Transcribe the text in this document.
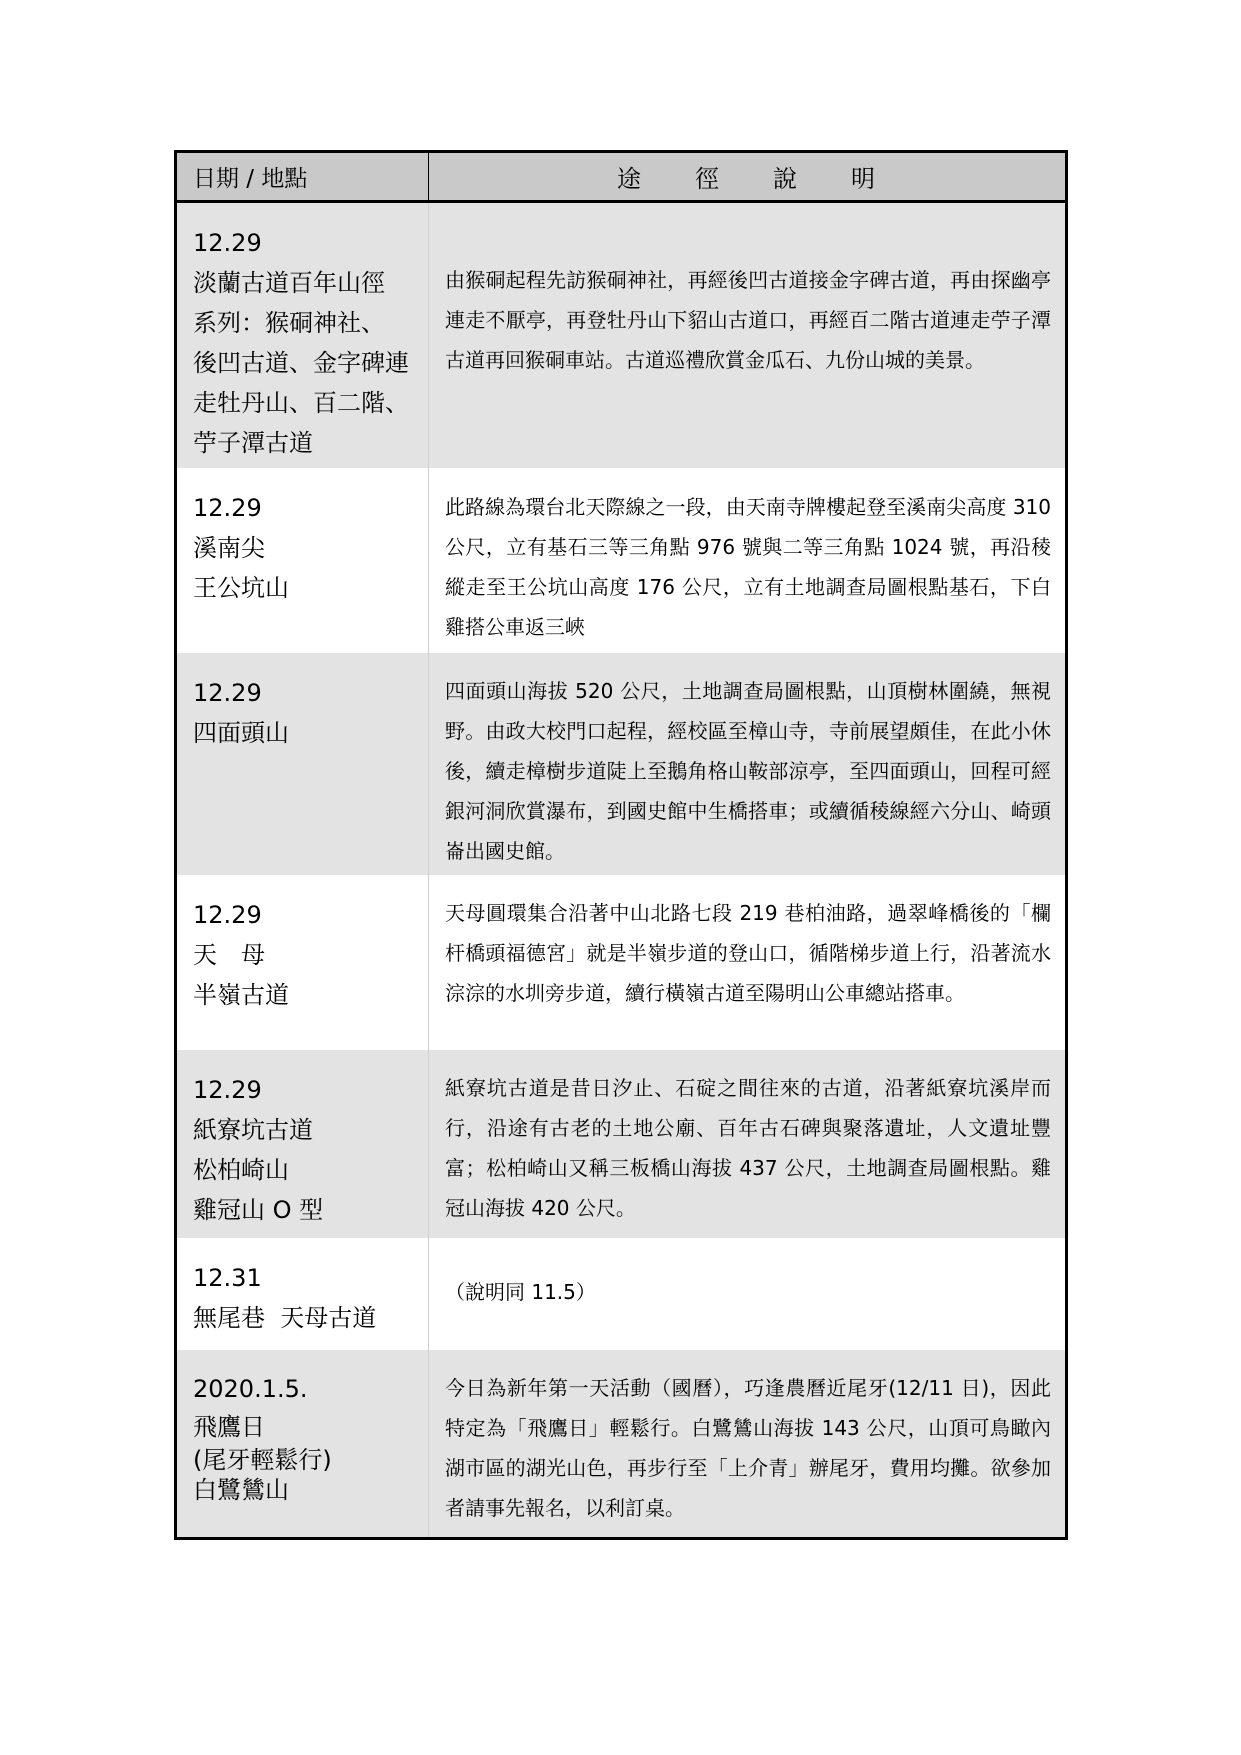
日期 / 地點	途 徑 說 明
12.29
淡蘭古道百年山徑
系列：猴硐神社、
後凹古道、金字碑連
走牡丹山、百二階、
苧子潭古道
由猴硐起程先訪猴硐神社，再經後凹古道接金字碑古道，再由探幽亭連走不厭亭，再登牡丹山下貂山古道口，再經百二階古道連走苧子潭古道再回猴硐車站。古道巡禮欣賞金瓜石、九份山城的美景。
12.29
溪南尖
王公坑山
此路線為環台北天際線之一段，由天南寺牌樓起登至溪南尖高度 310 公尺，立有基石三等三角點 976 號與二等三角點 1024 號，再沿稜縱走至王公坑山高度 176 公尺，立有土地調查局圖根點基石，下白雞搭公車返三峽
12.29
四面頭山
四面頭山海拔 520 公尺，土地調查局圖根點，山頂樹林圍繞，無視野。由政大校門口起程，經校區至樟山寺，寺前展望頗佳，在此小休後，續走樟樹步道陡上至鵝角格山鞍部涼亭，至四面頭山，回程可經銀河洞欣賞瀑布，到國史館中生橋搭車；或續循稜線經六分山、崎頭崙出國史館。
12.29
天　母
半嶺古道
天母圓環集合沿著中山北路七段 219 巷柏油路，過翠峰橋後的「欄杆橋頭福德宮」就是半嶺步道的登山口，循階梯步道上行，沿著流水淙淙的水圳旁步道，續行橫嶺古道至陽明山公車總站搭車。
12.29
紙寮坑古道
松柏崎山
雞冠山 O 型
紙寮坑古道是昔日汐止、石碇之間往來的古道，沿著紙寮坑溪岸而行，沿途有古老的土地公廟、百年古石碑與聚落遺址，人文遺址豐富；松柏崎山又稱三板橋山海拔 437 公尺，土地調查局圖根點。雞冠山海拔 420 公尺。
12.31
無尾巷  天母古道
（說明同 11.5）
2020.1.5.
飛鷹日
(尾牙輕鬆行)
白鷺鷥山
今日為新年第一天活動（國曆），巧逢農曆近尾牙(12/11 日)，因此特定為「飛鷹日」輕鬆行。白鷺鷥山海拔 143 公尺，山頂可鳥瞰內湖市區的湖光山色，再步行至「上介青」辦尾牙，費用均攤。欲參加者請事先報名，以利訂桌。
